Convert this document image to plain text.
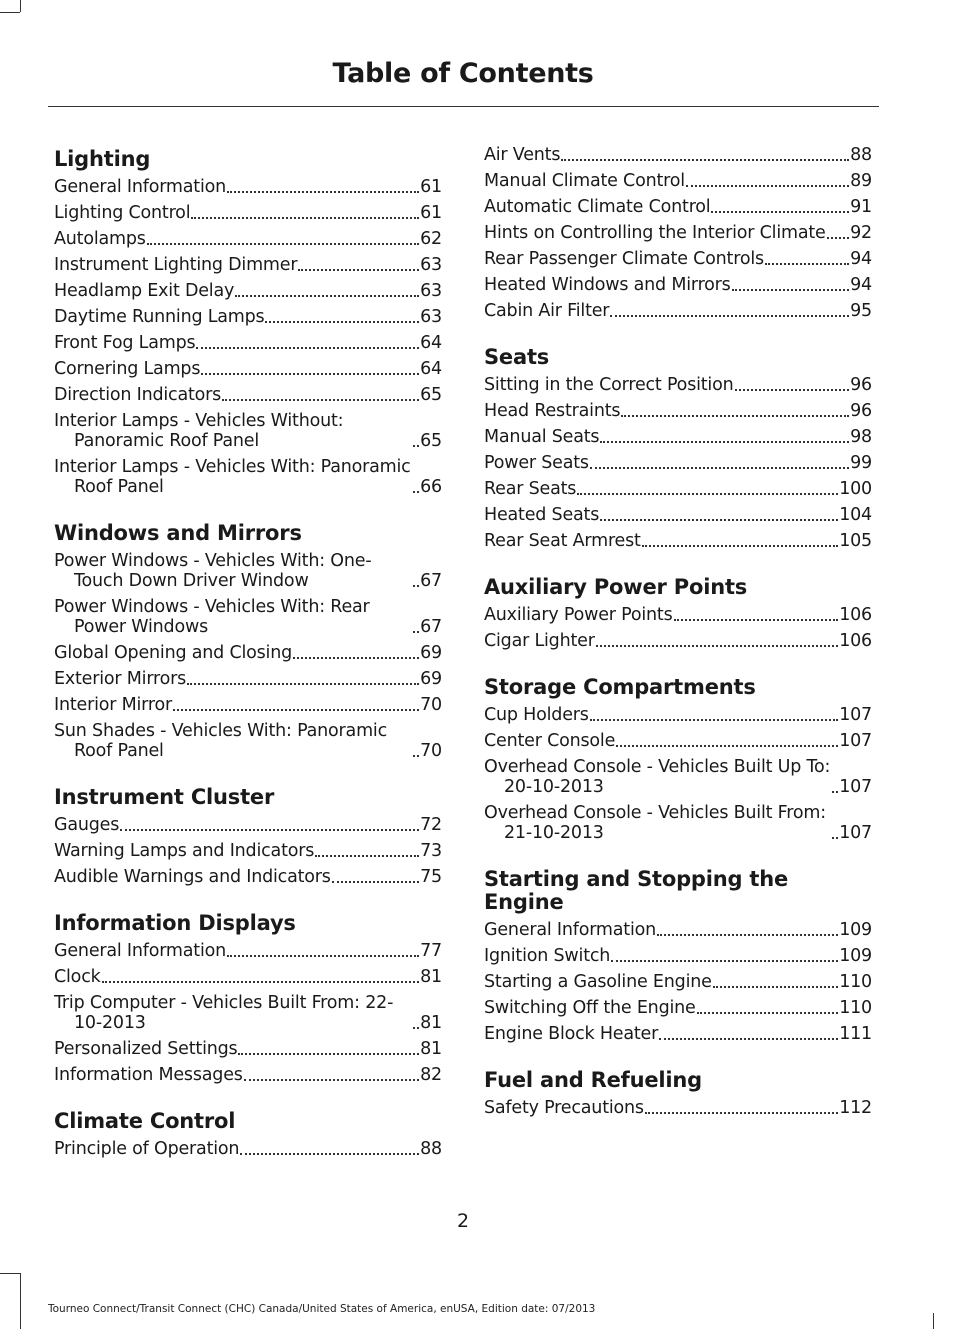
Table of Contents
Lighting
General Information	61
Lighting Control	61
Autolamps	62
Instrument Lighting Dimmer	63
Headlamp Exit Delay	63
Daytime Running Lamps	63
Front Fog Lamps	64
Cornering Lamps	64
Direction Indicators	65
Interior Lamps - Vehicles Without: Panoramic Roof Panel	65
Interior Lamps - Vehicles With: Panoramic Roof Panel	66
Windows and Mirrors
Power Windows - Vehicles With: One-Touch Down Driver Window	67
Power Windows - Vehicles With: Rear Power Windows	67
Global Opening and Closing	69
Exterior Mirrors	69
Interior Mirror	70
Sun Shades - Vehicles With: Panoramic Roof Panel	70
Instrument Cluster
Gauges	72
Warning Lamps and Indicators	73
Audible Warnings and Indicators	75
Information Displays
General Information	77
Clock	81
Trip Computer - Vehicles Built From: 22-10-2013	81
Personalized Settings	81
Information Messages	82
Climate Control
Principle of Operation	88
Air Vents	88
Manual Climate Control	89
Automatic Climate Control	91
Hints on Controlling the Interior Climate 92
Rear Passenger Climate Controls	94
Heated Windows and Mirrors	94
Cabin Air Filter	95
Seats
Sitting in the Correct Position	96
Head Restraints	96
Manual Seats	98
Power Seats	99
Rear Seats	100
Heated Seats	104
Rear Seat Armrest	105
Auxiliary Power Points
Auxiliary Power Points	106
Cigar Lighter	106
Storage Compartments
Cup Holders	107
Center Console	107
Overhead Console - Vehicles Built Up To: 20-10-2013	107
Overhead Console - Vehicles Built From: 21-10-2013	107
Starting and Stopping the Engine
General Information	109
Ignition Switch	109
Starting a Gasoline Engine	110
Switching Off the Engine	110
Engine Block Heater	111
Fuel and Refueling
Safety Precautions	112
2
Tourneo Connect/Transit Connect (CHC) Canada/United States of America, enUSA, Edition date: 07/2013
